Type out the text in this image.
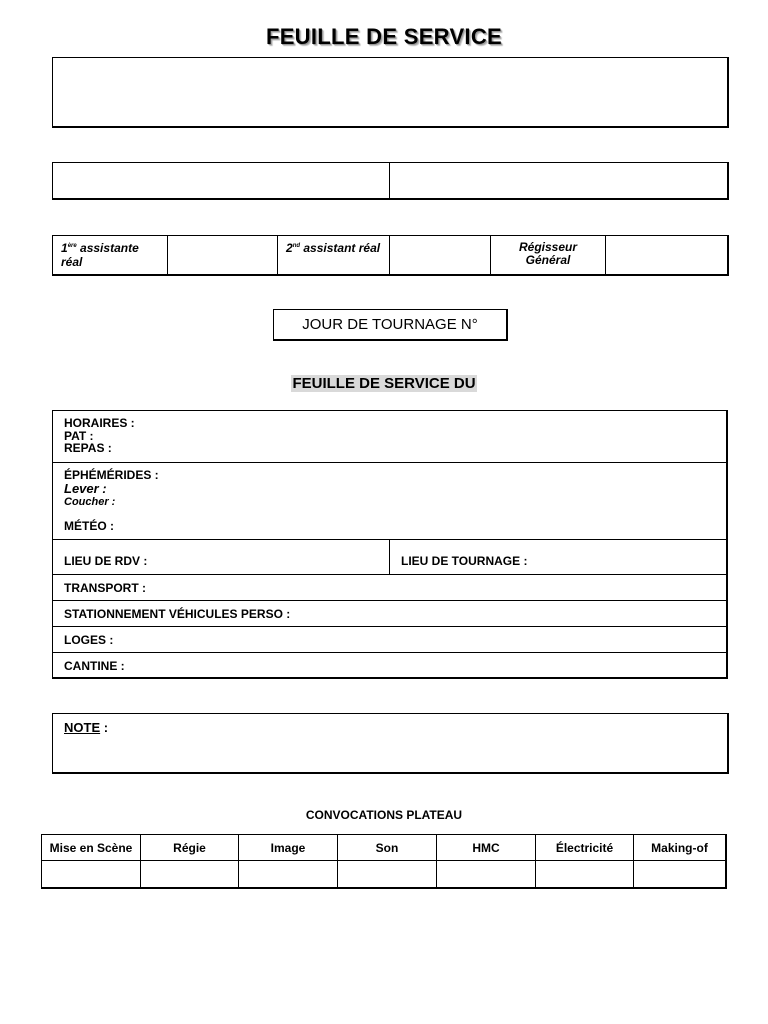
FEUILLE DE SERVICE
1ère assistante réal		2nd assistant réal		Régisseur
Général

JOUR DE TOURNAGE N°
FEUILLE DE SERVICE DU
HORAIRES :
PAT :
REPAS :
ÉPHÉMÉRIDES :
Lever :
Coucher :
MÉTÉO :
LIEU DE RDV :	LIEU DE TOURNAGE :
TRANSPORT :
STATIONNEMENT VÉHICULES PERSO :
LOGES :
CANTINE :
NOTE :
CONVOCATIONS PLATEAU
Mise en Scène	Régie	Image	Son	HMC	Électricité	Making-of
